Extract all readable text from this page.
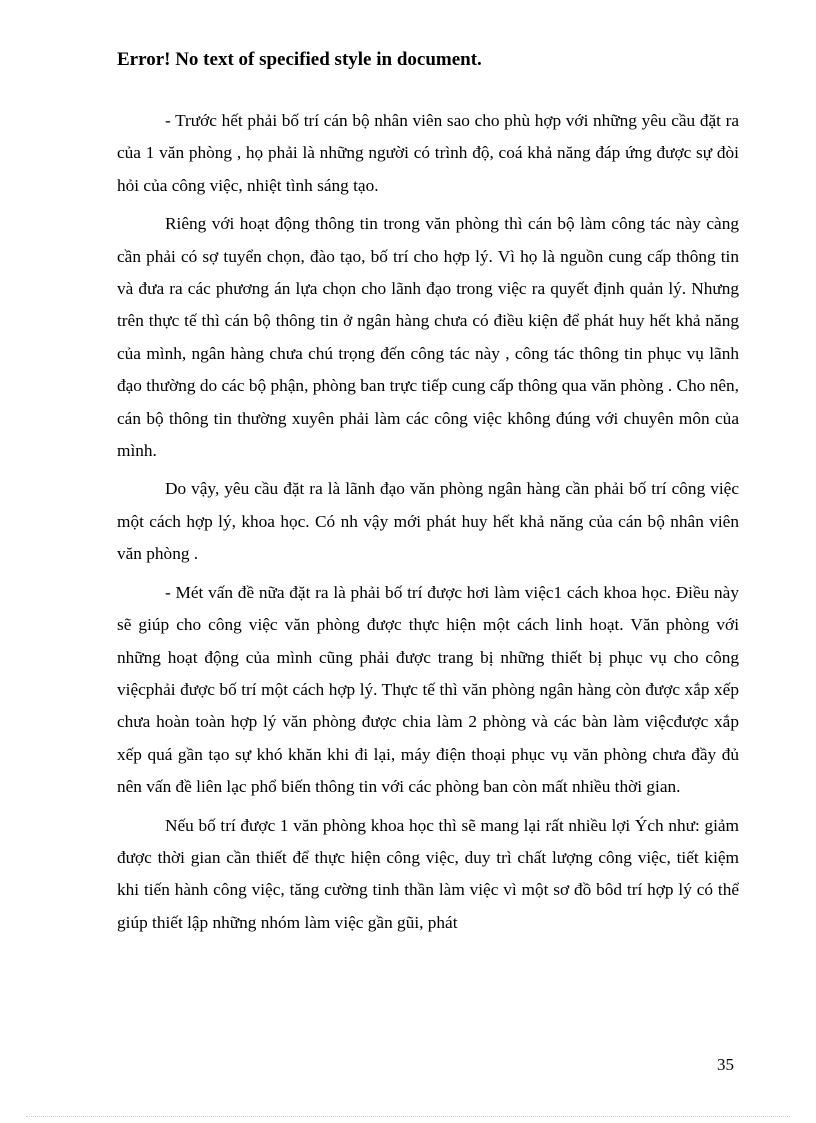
Error! No text of specified style in document.

- Trước hết phải bố trí cán bộ nhân viên sao cho phù hợp với những yêu cầu đặt ra của 1 văn phòng , họ phải là những người có trình độ, coá khả năng đáp ứng được sự đòi hỏi của công việc, nhiệt tình sáng tạo.

Riêng với hoạt động thông tin trong văn phòng thì cán bộ làm công tác này càng cần phải có sợ tuyển chọn, đào tạo, bố trí cho hợp lý. Vì họ là nguồn cung cấp thông tin và đưa ra các phương án lựa chọn cho lãnh đạo trong việc ra quyết định quản lý. Nhưng trên thực tế thì cán bộ thông tin ở ngân hàng chưa có điều kiện để phát huy hết khả năng của mình, ngân hàng chưa chú trọng đến công tác này , công tác thông tin phục vụ lãnh đạo thường do các bộ phận, phòng ban trực tiếp cung cấp thông qua văn phòng . Cho nên, cán bộ thông tin thường xuyên phải làm các công việc không đúng với chuyên môn của mình.

Do vậy, yêu cầu đặt ra là lãnh đạo văn phòng ngân hàng cần phải bố trí công việc một cách hợp lý, khoa học. Có nh vậy mới phát huy hết khả năng của cán bộ nhân viên văn phòng .

- Mét vấn đề nữa đặt ra là phải bố trí được hơi làm việc1 cách khoa học. Điều này sẽ giúp cho công việc văn phòng được thực hiện một cách linh hoạt. Văn phòng với những hoạt động của mình cũng phải được trang bị những thiết bị phục vụ cho công việcphải được bố trí một cách hợp lý. Thực tế thì văn phòng ngân hàng còn được xắp xếp chưa hoàn toàn hợp lý văn phòng được chia làm 2 phòng và các bàn làm việcđược xắp xếp quá gần tạo sự khó khăn khi đi lại, máy điện thoại phục vụ văn phòng chưa đầy đủ nên vấn đề liên lạc phổ biến thông tin với các phòng ban còn mất nhiều thời gian.

Nếu bố trí được 1 văn phòng khoa học thì sẽ mang lại rất nhiều lợi Ých như: giảm được thời gian cần thiết để thực hiện công việc, duy trì chất lượng công việc, tiết kiệm khi tiến hành công việc, tăng cường tinh thần làm việc vì một sơ đồ bôd trí hợp lý có thể giúp thiết lập những nhóm làm việc gần gũi, phát

35
